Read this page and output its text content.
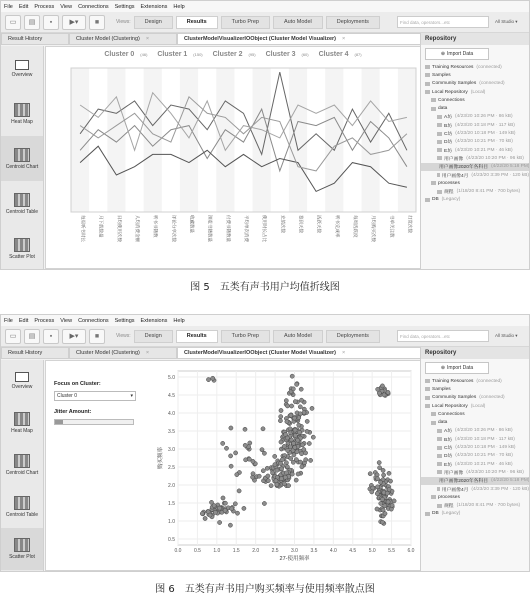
File Edit Process View Connections Settings Extensions Help
▭	▤	▪	▶▾	■	Views:	Design	Results	Turbo Prep	Auto Model	Deployments	Find data, operators...etc	All Studio ▾
Result History	Cluster Model (Clustering) ×	ClusterModelVisualizerIOObject (Cluster Model Visualizer) ×
Overview
Heat Map
Centroid Chart
Centroid Table
Scatter Plot
Cluster 0 (46) Cluster 1 (150) Cluster 2 (95) Cluster 3 (60) Cluster 4 (87)
每周听书时长	月下载数量	日均使用次数	人均消费金额	听书书籍数	评论分享次数	收藏数量	浏览书籍数量	付费书籍数量	平均单次消费	使用时长占比	充值次数	签到天数	活跃天数	听书完成率	每周活跃度	月均购买次数	书单关注数	打赏次数
Repository
⊕ Import Data
Training Resources (connected)
Samples
Community Samples (connected)
Local Repository (Local)
Connections
data
A坊 (4/23/20 10:26 PM · 86 kB)
B坊 (4/23/20 10:18 PM · 117 kB)
C坊 (4/23/20 10:18 PM · 149 kB)
D坊 (4/23/20 10:21 PM · 70 kB)
E坊 (4/23/20 10:21 PM · 46 kB)
用户画像 (4/23/20 10:20 PM · 96 kB)
用户画像2020年各科目 (4/22/20 5:18 PM)
用户画像4月 (4/23/20 3:39 PM · 120 kB)
processes
规程 (1/18/20 8:41 PM · 700 bytes)
DB (Legacy)
图 5　五类有声书用户均值折线图
File Edit Process View Connections Settings Extensions Help
▭	▤	▪	▶▾	■	Views:	Design	Results	Turbo Prep	Auto Model	Deployments	Find data, operators...etc	All Studio ▾
Result History	Cluster Model (Clustering) ×	ClusterModelVisualizerIOObject (Cluster Model Visualizer) ×
Overview
Heat Map
Centroid Chart
Centroid Table
Scatter Plot
Focus on Cluster:
Cluster 0	▾
Jitter Amount:
0.0 0.5 1.0 1.5 2.0 2.5 3.0 3.5 4.0 4.5 5.0 5.5 6.0
5.0
4.5
4.0
3.5
3.0
2.5
2.0
1.5
1.0
0.5
27-使用频率
购买频率
Repository
⊕ Import Data
Training Resources (connected)
Samples
Community Samples (connected)
Local Repository (Local)
Connections
data
A坊 (4/23/20 10:26 PM · 86 kB)
B坊 (4/23/20 10:18 PM · 117 kB)
C坊 (4/23/20 10:18 PM · 149 kB)
D坊 (4/23/20 10:21 PM · 70 kB)
E坊 (4/23/20 10:21 PM · 46 kB)
用户画像 (4/23/20 10:20 PM · 96 kB)
用户画像2020年各科目 (4/22/20 5:18 PM)
用户画像4月 (4/23/20 3:39 PM · 120 kB)
processes
规程 (1/18/20 8:41 PM · 700 bytes)
DB (Legacy)
图 6　五类有声书用户购买频率与使用频率散点图
